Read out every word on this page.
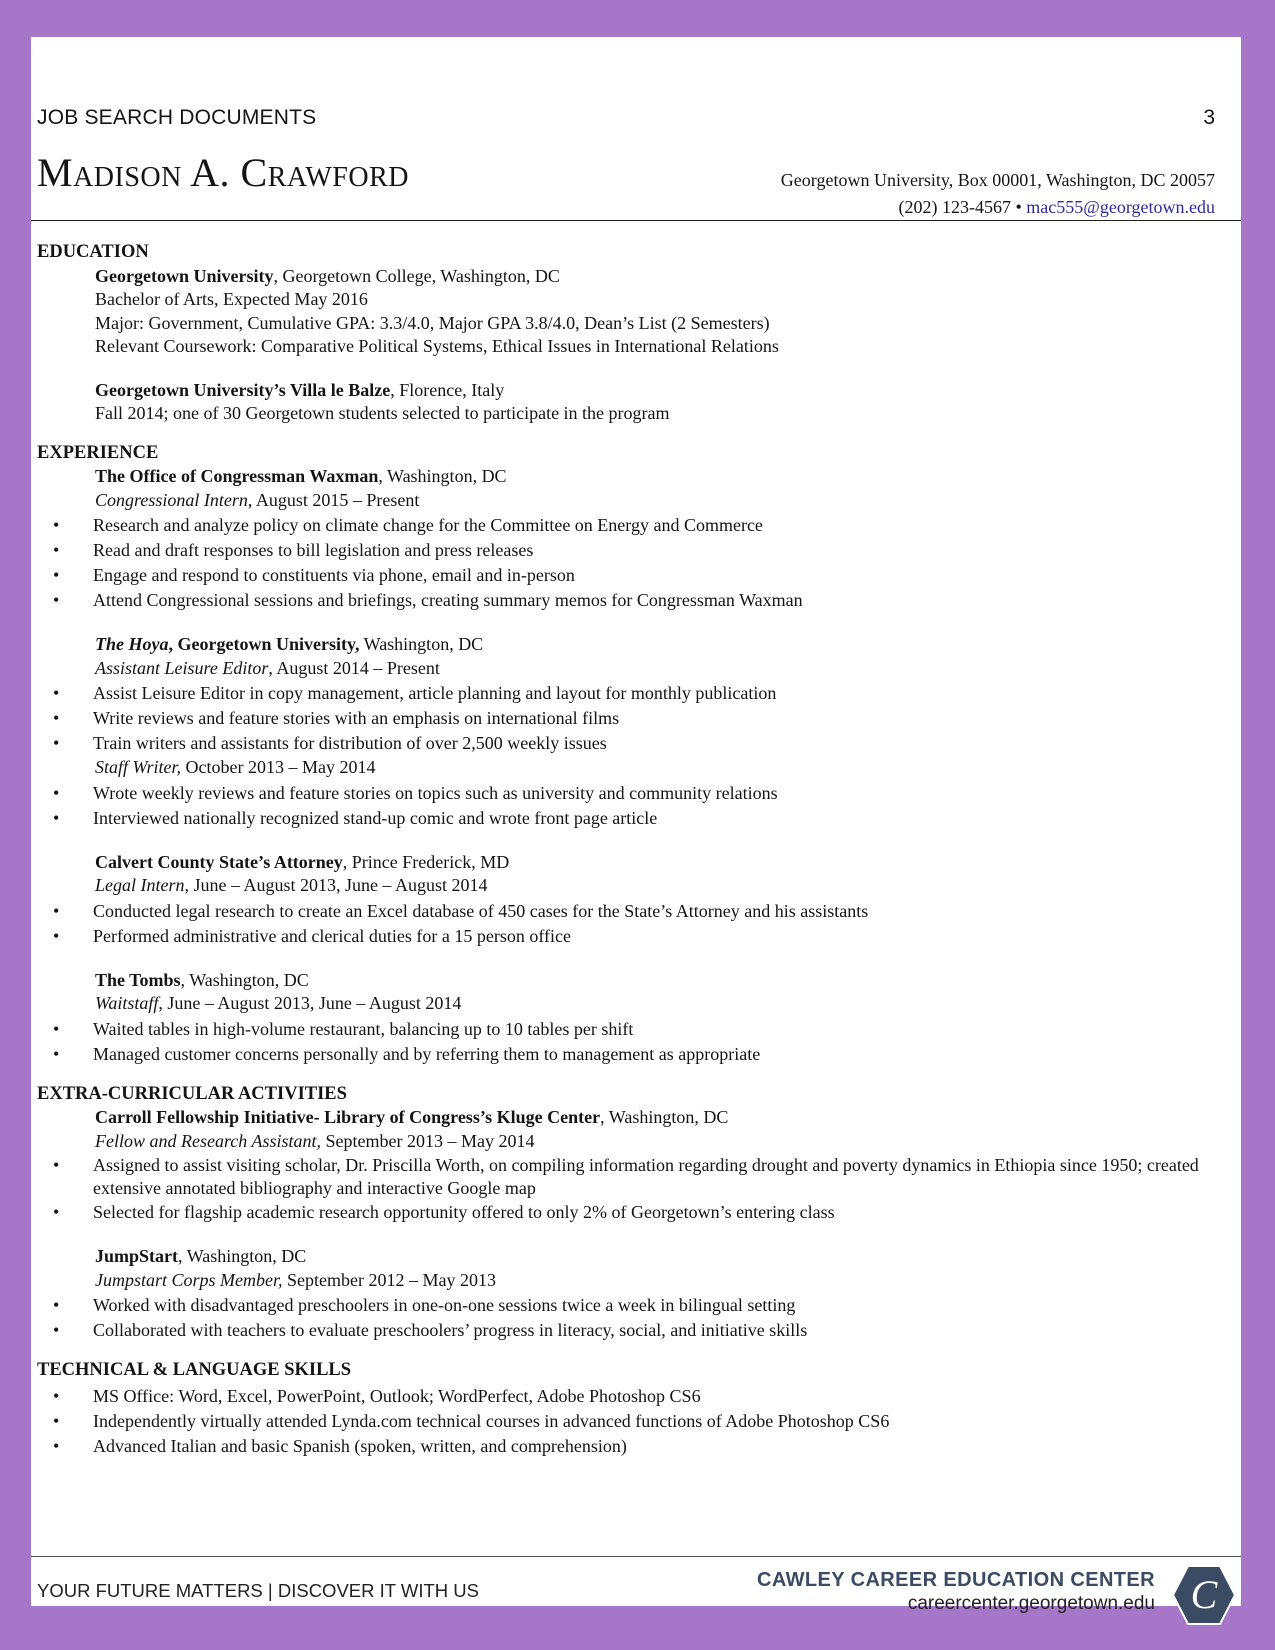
JOB SEARCH DOCUMENTS	3
Madison A. Crawford	Georgetown University, Box 00001, Washington, DC 20057
(202) 123-4567 • mac555@georgetown.edu
EDUCATION
Georgetown University, Georgetown College, Washington, DC
Bachelor of Arts, Expected May 2016
Major: Government, Cumulative GPA: 3.3/4.0, Major GPA 3.8/4.0, Dean’s List (2 Semesters)
Relevant Coursework: Comparative Political Systems, Ethical Issues in International Relations
Georgetown University’s Villa le Balze, Florence, Italy
Fall 2014; one of 30 Georgetown students selected to participate in the program
EXPERIENCE
The Office of Congressman Waxman, Washington, DC
Congressional Intern, August 2015 – Present
• Research and analyze policy on climate change for the Committee on Energy and Commerce
• Read and draft responses to bill legislation and press releases
• Engage and respond to constituents via phone, email and in-person
• Attend Congressional sessions and briefings, creating summary memos for Congressman Waxman
The Hoya, Georgetown University, Washington, DC
Assistant Leisure Editor, August 2014 – Present
• Assist Leisure Editor in copy management, article planning and layout for monthly publication
• Write reviews and feature stories with an emphasis on international films
• Train writers and assistants for distribution of over 2,500 weekly issues
Staff Writer, October 2013 – May 2014
• Wrote weekly reviews and feature stories on topics such as university and community relations
• Interviewed nationally recognized stand-up comic and wrote front page article
Calvert County State’s Attorney, Prince Frederick, MD
Legal Intern, June – August 2013, June – August 2014
• Conducted legal research to create an Excel database of 450 cases for the State’s Attorney and his assistants
• Performed administrative and clerical duties for a 15 person office
The Tombs, Washington, DC
Waitstaff, June – August 2013, June – August 2014
• Waited tables in high-volume restaurant, balancing up to 10 tables per shift
• Managed customer concerns personally and by referring them to management as appropriate
EXTRA-CURRICULAR ACTIVITIES
Carroll Fellowship Initiative- Library of Congress’s Kluge Center, Washington, DC
Fellow and Research Assistant, September 2013 – May 2014
• Assigned to assist visiting scholar, Dr. Priscilla Worth, on compiling information regarding drought and poverty dynamics in Ethiopia since 1950; created extensive annotated bibliography and interactive Google map
• Selected for flagship academic research opportunity offered to only 2% of Georgetown’s entering class
JumpStart, Washington, DC
Jumpstart Corps Member, September 2012 – May 2013
• Worked with disadvantaged preschoolers in one-on-one sessions twice a week in bilingual setting
• Collaborated with teachers to evaluate preschoolers’ progress in literacy, social, and initiative skills
TECHNICAL & LANGUAGE SKILLS
• MS Office: Word, Excel, PowerPoint, Outlook; WordPerfect, Adobe Photoshop CS6
• Independently virtually attended Lynda.com technical courses in advanced functions of Adobe Photoshop CS6
• Advanced Italian and basic Spanish (spoken, written, and comprehension)
YOUR FUTURE MATTERS | DISCOVER IT WITH US	CAWLEY CAREER EDUCATION CENTER
careercenter.georgetown.edu C
